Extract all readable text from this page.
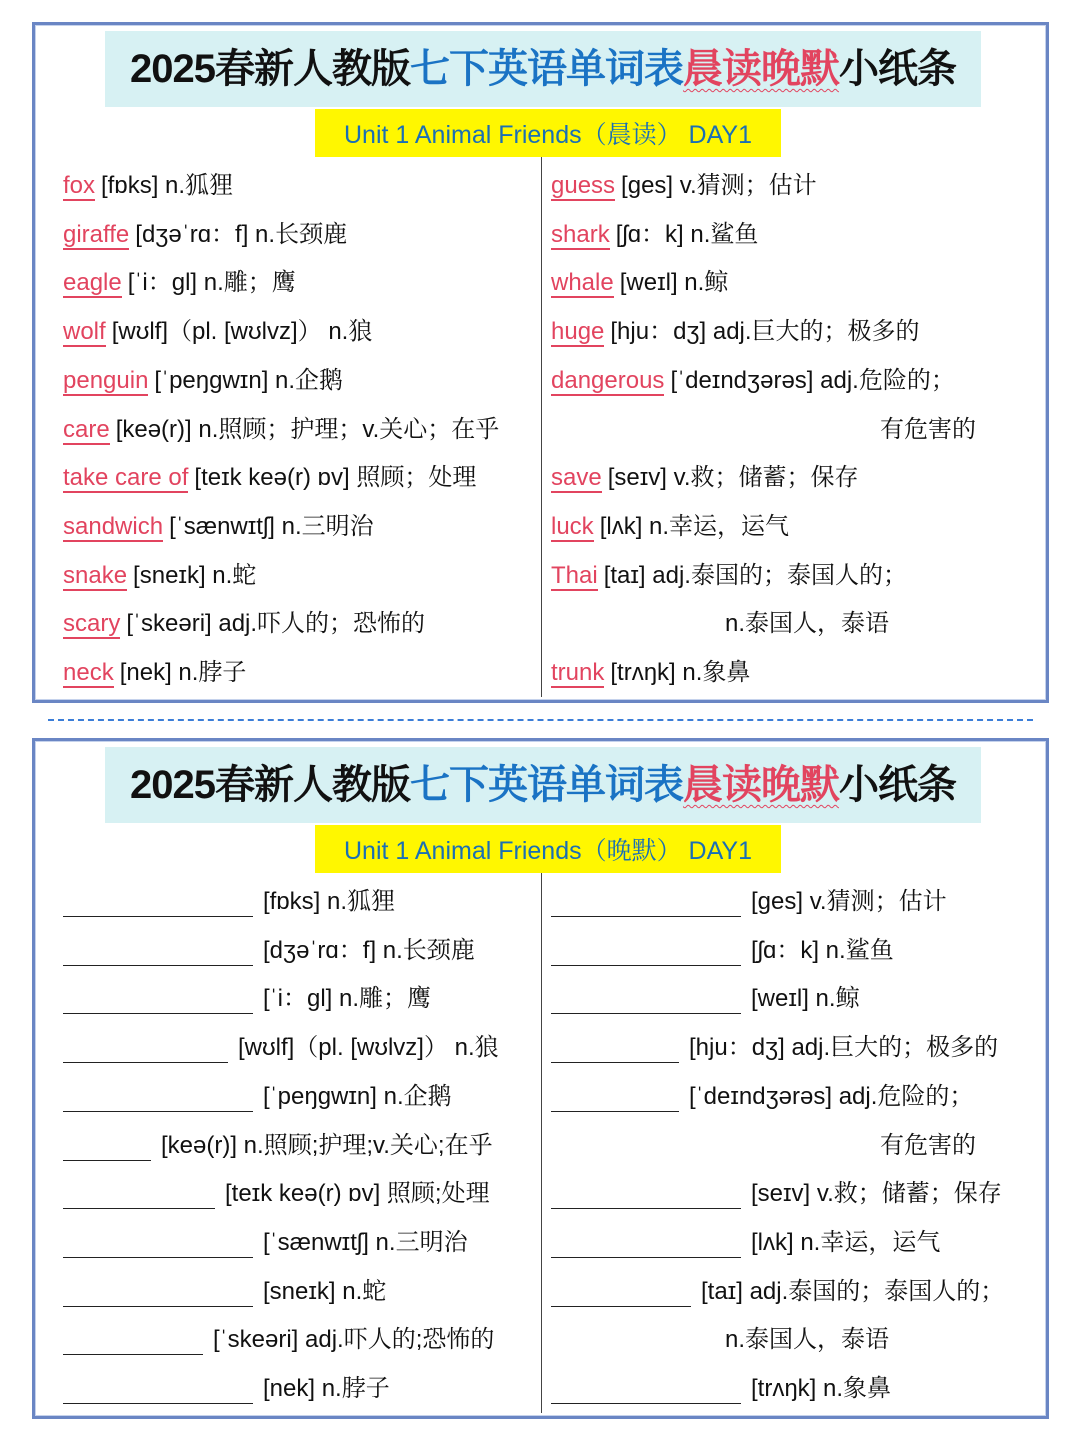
2025春新人教版七下英语单词表晨读晚默小纸条
Unit 1 Animal Friends（晨读） DAY1
fox [fɒks] n.狐狸
giraffe [dʒəˈrɑ：f] n.长颈鹿
eagle [ˈi：gl] n.雕；鹰
wolf [wʊlf]（pl. [wʊlvz]） n.狼
penguin [ˈpeŋgwɪn] n.企鹅
care [keə(r)] n.照顾；护理；v.关心；在乎
take care of [teɪk keə(r) ɒv] 照顾；处理
sandwich [ˈsænwɪtʃ] n.三明治
snake [sneɪk] n.蛇
scary [ˈskeəri] adj.吓人的；恐怖的
neck [nek] n.脖子
guess [ges] v.猜测；估计
shark [ʃɑ：k] n.鲨鱼
whale [weɪl] n.鲸
huge [hju：dʒ] adj.巨大的；极多的
dangerous [ˈdeɪndʒərəs] adj.危险的；
有危害的
save [seɪv] v.救；储蓄；保存
luck [lʌk] n.幸运，运气
Thai [taɪ] adj.泰国的；泰国人的；
n.泰国人，泰语
trunk [trʌŋk] n.象鼻
2025春新人教版七下英语单词表晨读晚默小纸条
Unit 1 Animal Friends（晚默） DAY1
[fɒks] n.狐狸
[dʒəˈrɑ：f] n.长颈鹿
[ˈi：gl] n.雕；鹰
[wʊlf]（pl. [wʊlvz]） n.狼
[ˈpeŋgwɪn] n.企鹅
[keə(r)] n.照顾;护理;v.关心;在乎
[teɪk keə(r) ɒv] 照顾;处理
[ˈsænwɪtʃ] n.三明治
[sneɪk] n.蛇
[ˈskeəri] adj.吓人的;恐怖的
[nek] n.脖子
[ges] v.猜测；估计
[ʃɑ：k] n.鲨鱼
[weɪl] n.鲸
[hju：dʒ] adj.巨大的；极多的
[ˈdeɪndʒərəs] adj.危险的；
有危害的
[seɪv] v.救；储蓄；保存
[lʌk] n.幸运，运气
[taɪ] adj.泰国的；泰国人的；
n.泰国人，泰语
[trʌŋk] n.象鼻
